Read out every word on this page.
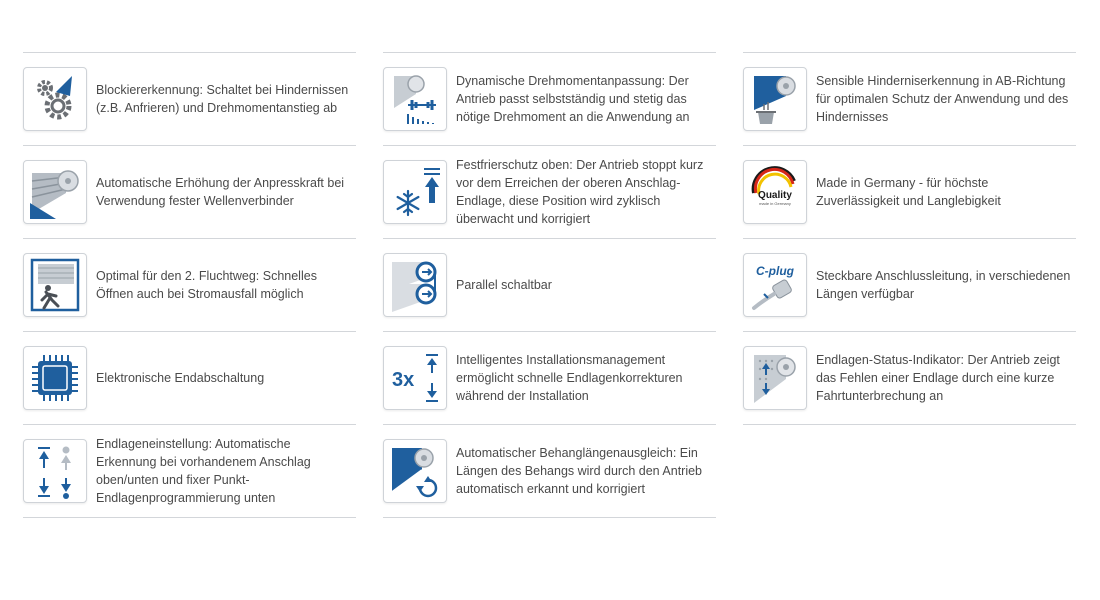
Blockiererkennung: Schaltet bei Hindernissen (z.B. Anfrieren) und Drehmomentanstieg ab
Automatische Erhöhung der Anpresskraft bei Verwendung fester Wellenverbinder
Optimal für den 2. Fluchtweg: Schnelles Öffnen auch bei Stromausfall möglich
Elektronische Endabschaltung
Endlageneinstellung: Automatische Erkennung bei vorhandenem Anschlag oben/unten und fixer Punkt-Endlagenprogrammierung unten
Dynamische Drehmomentanpassung: Der Antrieb passt selbstständig und stetig das nötige Drehmoment an die Anwendung an
Festfrierschutz oben: Der Antrieb stoppt kurz vor dem Erreichen der oberen Anschlag-Endlage, diese Position wird zyklisch überwacht und korrigiert
Parallel schaltbar
3x
Intelligentes Installationsmanagement ermöglicht schnelle Endlagenkorrekturen während der Installation
Automatischer Behanglängenausgleich: Ein Längen des Behangs wird durch den Antrieb automatisch erkannt und korrigiert
Sensible Hinderniserkennung in AB-Richtung für optimalen Schutz der Anwendung und des Hindernisses
Quality
made in Germany
Made in Germany - für höchste Zuverlässigkeit und Langlebigkeit
C-plug Steckbare Anschlussleitung, in verschiedenen Längen verfügbar
Endlagen-Status-Indikator: Der Antrieb zeigt das Fehlen einer Endlage durch eine kurze Fahrtunterbrechung an
